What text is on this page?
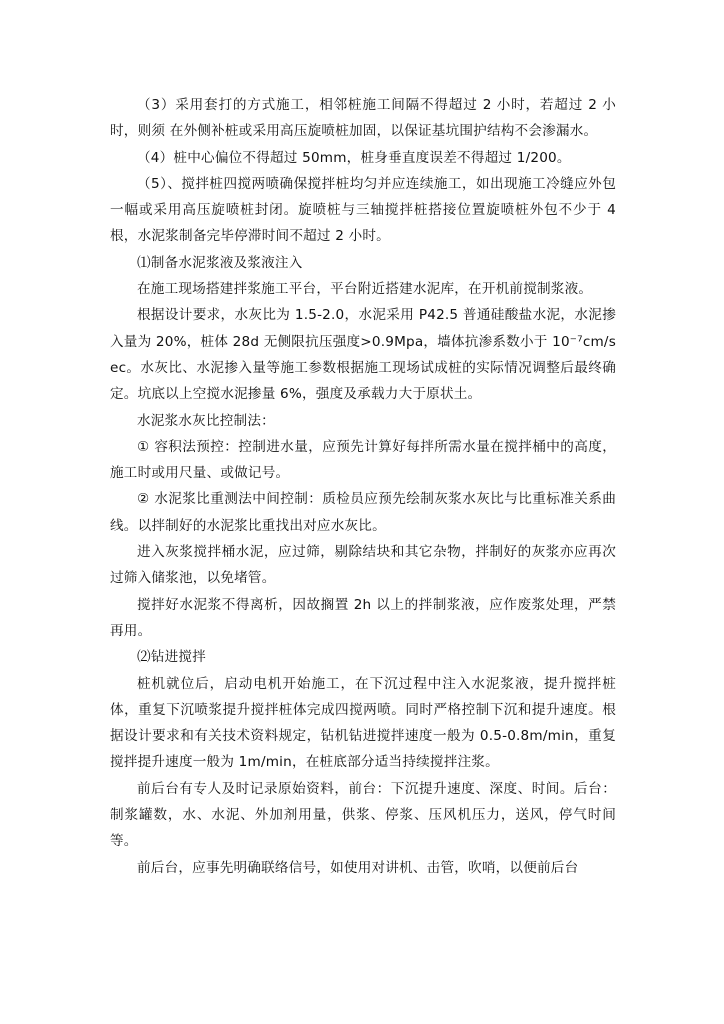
（3）采用套打的方式施工，相邻桩施工间隔不得超过 2 小时，若超过 2 小时，则须 在外侧补桩或采用高压旋喷桩加固，以保证基坑围护结构不会渗漏水。

（4）桩中心偏位不得超过 50mm，桩身垂直度误差不得超过 1/200。

（5）、搅拌桩四搅两喷确保搅拌桩均匀并应连续施工，如出现施工冷缝应外包一幅或采用高压旋喷桩封闭。旋喷桩与三轴搅拌桩搭接位置旋喷桩外包不少于 4 根，水泥浆制备完毕停滞时间不超过 2 小时。

⑴制备水泥浆液及浆液注入

在施工现场搭建拌浆施工平台，平台附近搭建水泥库，在开机前搅制浆液。

根据设计要求，水灰比为 1.5-2.0，水泥采用 P42.5 普通硅酸盐水泥，水泥掺入量为 20%，桩体 28d 无侧限抗压强度>0.9Mpa，墙体抗渗系数小于 10⁻⁷cm/sec。水灰比、水泥掺入量等施工参数根据施工现场试成桩的实际情况调整后最终确定。坑底以上空搅水泥掺量 6%，强度及承载力大于原状土。

水泥浆水灰比控制法：

① 容积法预控：控制进水量，应预先计算好每拌所需水量在搅拌桶中的高度，施工时或用尺量、或做记号。

② 水泥浆比重测法中间控制：质检员应预先绘制灰浆水灰比与比重标准关系曲线。以拌制好的水泥浆比重找出对应水灰比。

进入灰浆搅拌桶水泥，应过筛，剔除结块和其它杂物，拌制好的灰浆亦应再次过筛入储浆池，以免堵管。

搅拌好水泥浆不得离析，因故搁置 2h 以上的拌制浆液，应作废浆处理，严禁再用。

⑵钻进搅拌

桩机就位后，启动电机开始施工，在下沉过程中注入水泥浆液，提升搅拌桩体，重复下沉喷浆提升搅拌桩体完成四搅两喷。同时严格控制下沉和提升速度。根据设计要求和有关技术资料规定，钻机钻进搅拌速度一般为 0.5-0.8m/min，重复搅拌提升速度一般为 1m/min，在桩底部分适当持续搅拌注浆。

前后台有专人及时记录原始资料，前台：下沉提升速度、深度、时间。后台：制浆罐数，水、水泥、外加剂用量，供浆、停浆、压风机压力，送风，停气时间等。

前后台，应事先明确联络信号，如使用对讲机、击管，吹哨，以便前后台
